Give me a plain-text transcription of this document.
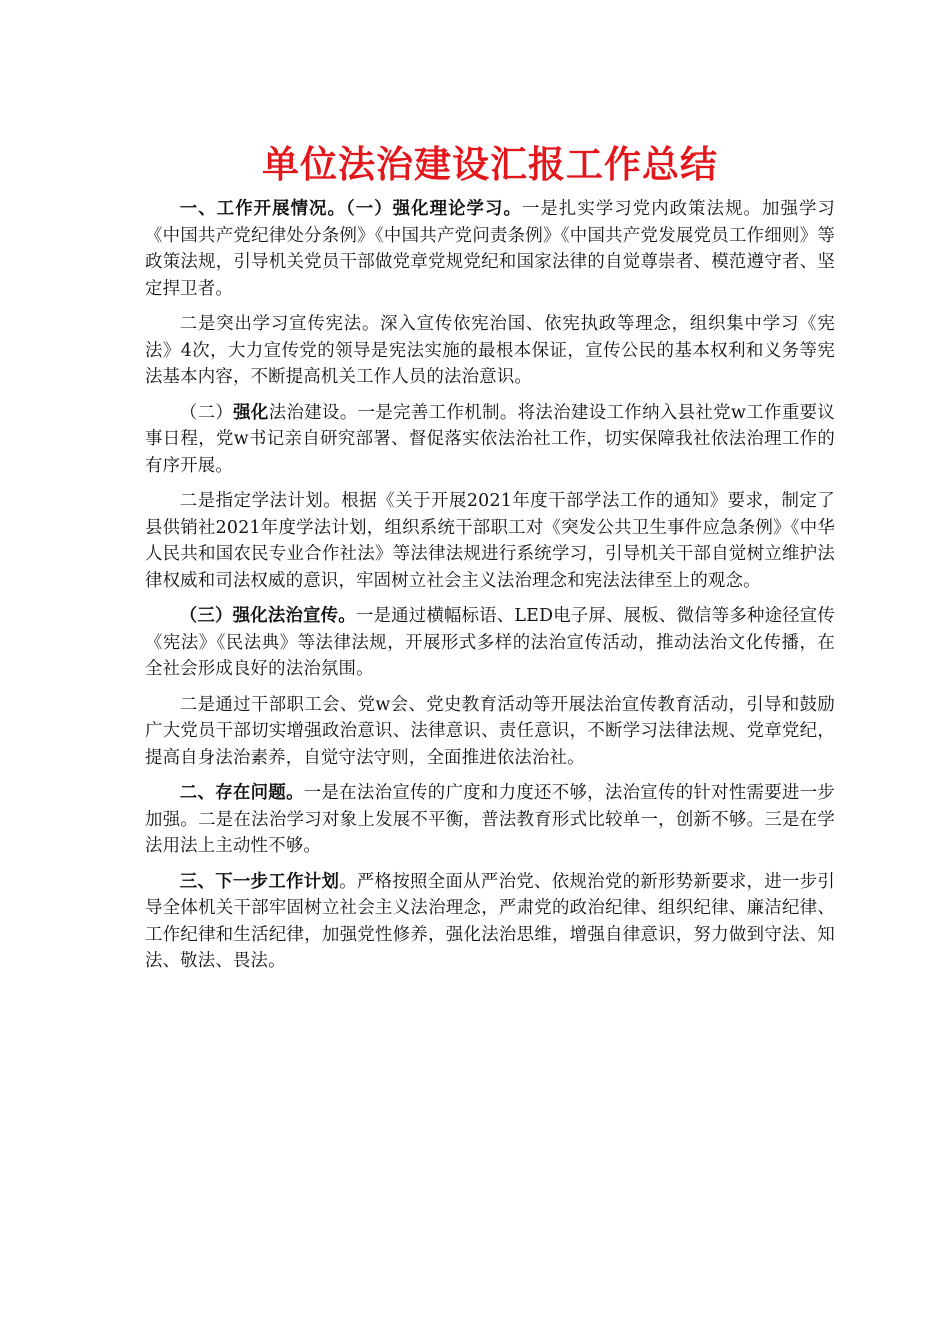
单位法治建设汇报工作总结

一、工作开展情况。（一）强化理论学习。一是扎实学习党内政策法规。加强学习《中国共产党纪律处分条例》《中国共产党问责条例》《中国共产党发展党员工作细则》等政策法规，引导机关党员干部做党章党规党纪和国家法律的自觉尊崇者、模范遵守者、坚定捍卫者。

二是突出学习宣传宪法。深入宣传依宪治国、依宪执政等理念，组织集中学习《宪法》4次，大力宣传党的领导是宪法实施的最根本保证，宣传公民的基本权利和义务等宪法基本内容，不断提高机关工作人员的法治意识。

（二）强化法治建设。一是完善工作机制。将法治建设工作纳入县社党w工作重要议事日程，党w书记亲自研究部署、督促落实依法治社工作，切实保障我社依法治理工作的有序开展。

二是指定学法计划。根据《关于开展2021年度干部学法工作的通知》要求，制定了县供销社2021年度学法计划，组织系统干部职工对《突发公共卫生事件应急条例》《中华人民共和国农民专业合作社法》等法律法规进行系统学习，引导机关干部自觉树立维护法律权威和司法权威的意识，牢固树立社会主义法治理念和宪法法律至上的观念。

（三）强化法治宣传。一是通过横幅标语、LED电子屏、展板、微信等多种途径宣传《宪法》《民法典》等法律法规，开展形式多样的法治宣传活动，推动法治文化传播，在全社会形成良好的法治氛围。

二是通过干部职工会、党w会、党史教育活动等开展法治宣传教育活动，引导和鼓励广大党员干部切实增强政治意识、法律意识、责任意识，不断学习法律法规、党章党纪，提高自身法治素养，自觉守法守则，全面推进依法治社。

二、存在问题。一是在法治宣传的广度和力度还不够，法治宣传的针对性需要进一步加强。二是在法治学习对象上发展不平衡，普法教育形式比较单一，创新不够。三是在学法用法上主动性不够。

三、下一步工作计划。严格按照全面从严治党、依规治党的新形势新要求，进一步引导全体机关干部牢固树立社会主义法治理念，严肃党的政治纪律、组织纪律、廉洁纪律、工作纪律和生活纪律，加强党性修养，强化法治思维，增强自律意识，努力做到守法、知法、敬法、畏法。
